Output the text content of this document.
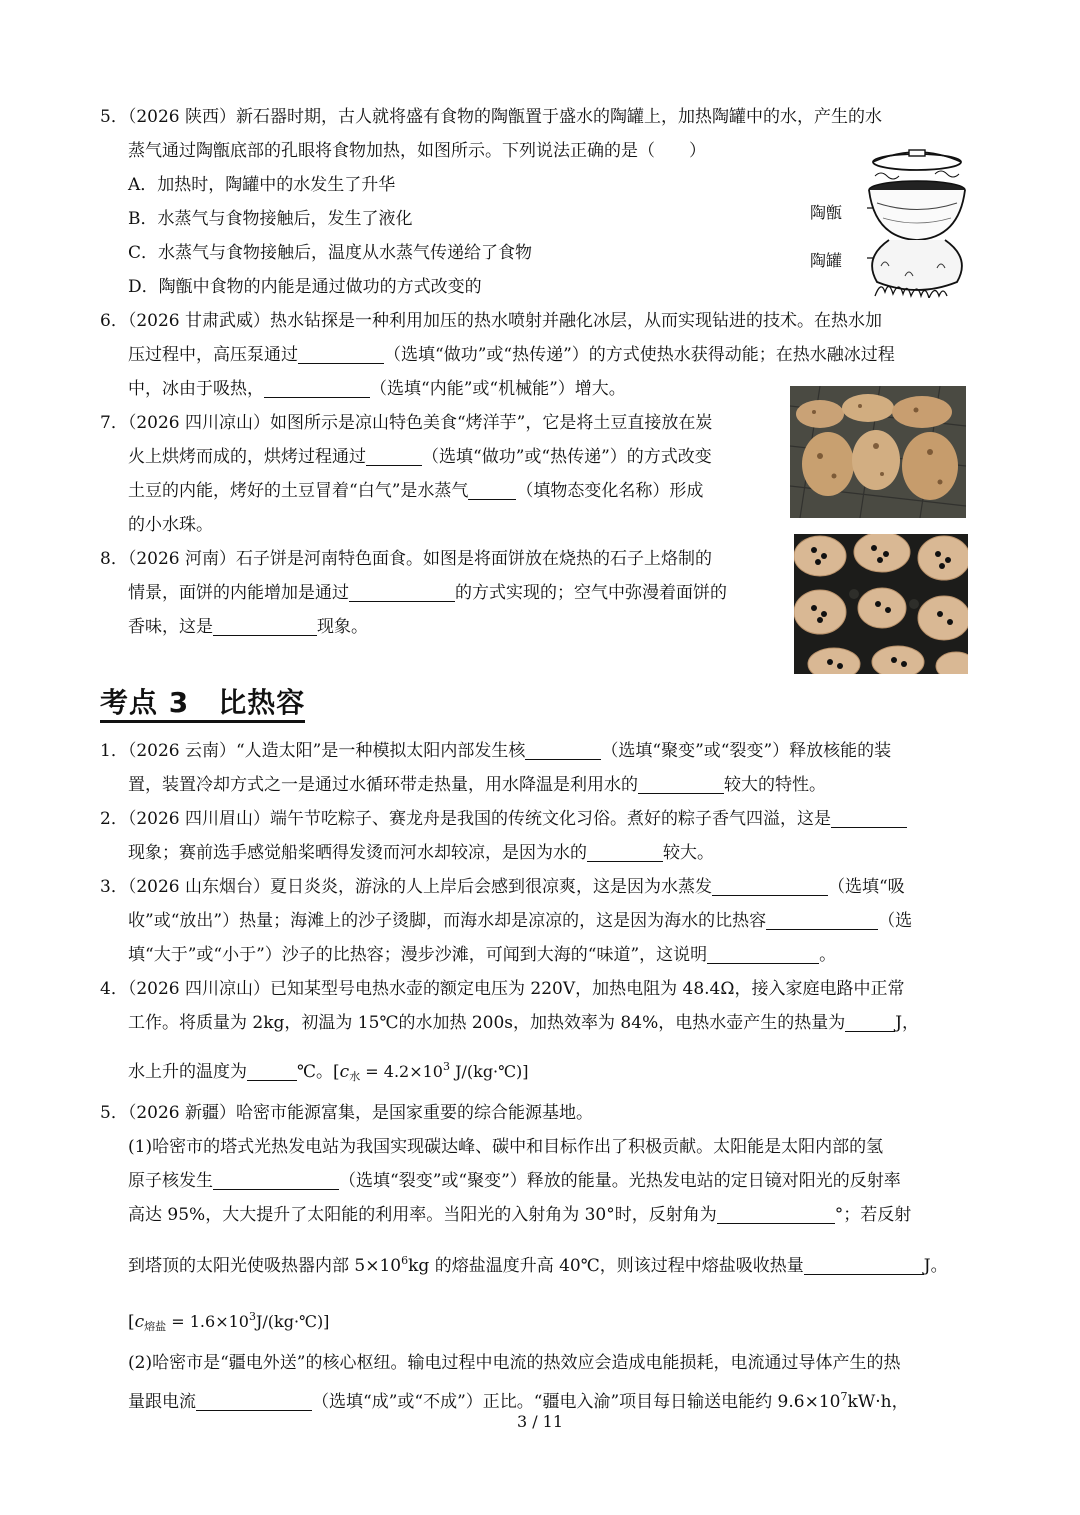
5．（2026 陕西）新石器时期，古人就将盛有食物的陶甑置于盛水的陶罐上，加热陶罐中的水，产生的水
蒸气通过陶甑底部的孔眼将食物加热，如图所示。下列说法正确的是（　　）
A．加热时，陶罐中的水发生了升华
B．水蒸气与食物接触后，发生了液化
C．水蒸气与食物接触后，温度从水蒸气传递给了食物
D．陶甑中食物的内能是通过做功的方式改变的
陶甑
陶罐
6．（2026 甘肃武威）热水钻探是一种利用加压的热水喷射并融化冰层，从而实现钻进的技术。在热水加
压过程中，高压泵通过	（选填“做功”或“热传递”）的方式使热水获得动能；在热水融冰过程
中，冰由于吸热，	（选填“内能”或“机械能”）增大。
7．（2026 四川凉山）如图所示是凉山特色美食“烤洋芋”，它是将土豆直接放在炭
火上烘烤而成的，烘烤过程通过	（选填“做功”或“热传递”）的方式改变
土豆的内能，烤好的土豆冒着“白气”是水蒸气	（填物态变化名称）形成
的小水珠。
8．（2026 河南）石子饼是河南特色面食。如图是将面饼放在烧热的石子上烙制的
情景，面饼的内能增加是通过	的方式实现的；空气中弥漫着面饼的
香味，这是	现象。
考点 3　比热容
1．（2026 云南）“人造太阳”是一种模拟太阳内部发生核	（选填“聚变”或“裂变”）释放核能的装
置，装置冷却方式之一是通过水循环带走热量，用水降温是利用水的	较大的特性。
2．（2026 四川眉山）端午节吃粽子、赛龙舟是我国的传统文化习俗。煮好的粽子香气四溢，这是
现象；赛前选手感觉船桨晒得发烫而河水却较凉，是因为水的	较大。
3．（2026 山东烟台）夏日炎炎，游泳的人上岸后会感到很凉爽，这是因为水蒸发	（选填“吸
收”或“放出”）热量；海滩上的沙子烫脚，而海水却是凉凉的，这是因为海水的比热容	（选
填“大于”或“小于”）沙子的比热容；漫步沙滩，可闻到大海的“味道”，这说明	。
4．（2026 四川凉山）已知某型号电热水壶的额定电压为 220V，加热电阻为 48.4Ω，接入家庭电路中正常
工作。将质量为 2kg，初温为 15℃的水加热 200s，加热效率为 84%，电热水壶产生的热量为	J，
水上升的温度为	℃。[$c_水 = 4.2\times 10^3$ J/(kg·℃)]
5．（2026 新疆）哈密市能源富集，是国家重要的综合能源基地。
(1)哈密市的塔式光热发电站为我国实现碳达峰、碳中和目标作出了积极贡献。太阳能是太阳内部的氢
原子核发生	（选填“裂变”或“聚变”）释放的能量。光热发电站的定日镜对阳光的反射率
高达 95%，大大提升了太阳能的利用率。当阳光的入射角为 30°时，反射角为	°；若反射
到塔顶的太阳光使吸热器内部 $5\times 10^6kg$ 的熔盐温度升高 40℃，则该过程中熔盐吸收热量	J。
[$c_{熔盐}$ = $1.6\times 10^3J/(kg\cdot℃)$]
(2)哈密市是“疆电外送”的核心枢纽。输电过程中电流的热效应会造成电能损耗，电流通过导体产生的热
量跟电流	（选填“成”或“不成”）正比。“疆电入渝”项目每日输送电能约 $9.6\times 10^7kW\cdot h$，
3 / 11
